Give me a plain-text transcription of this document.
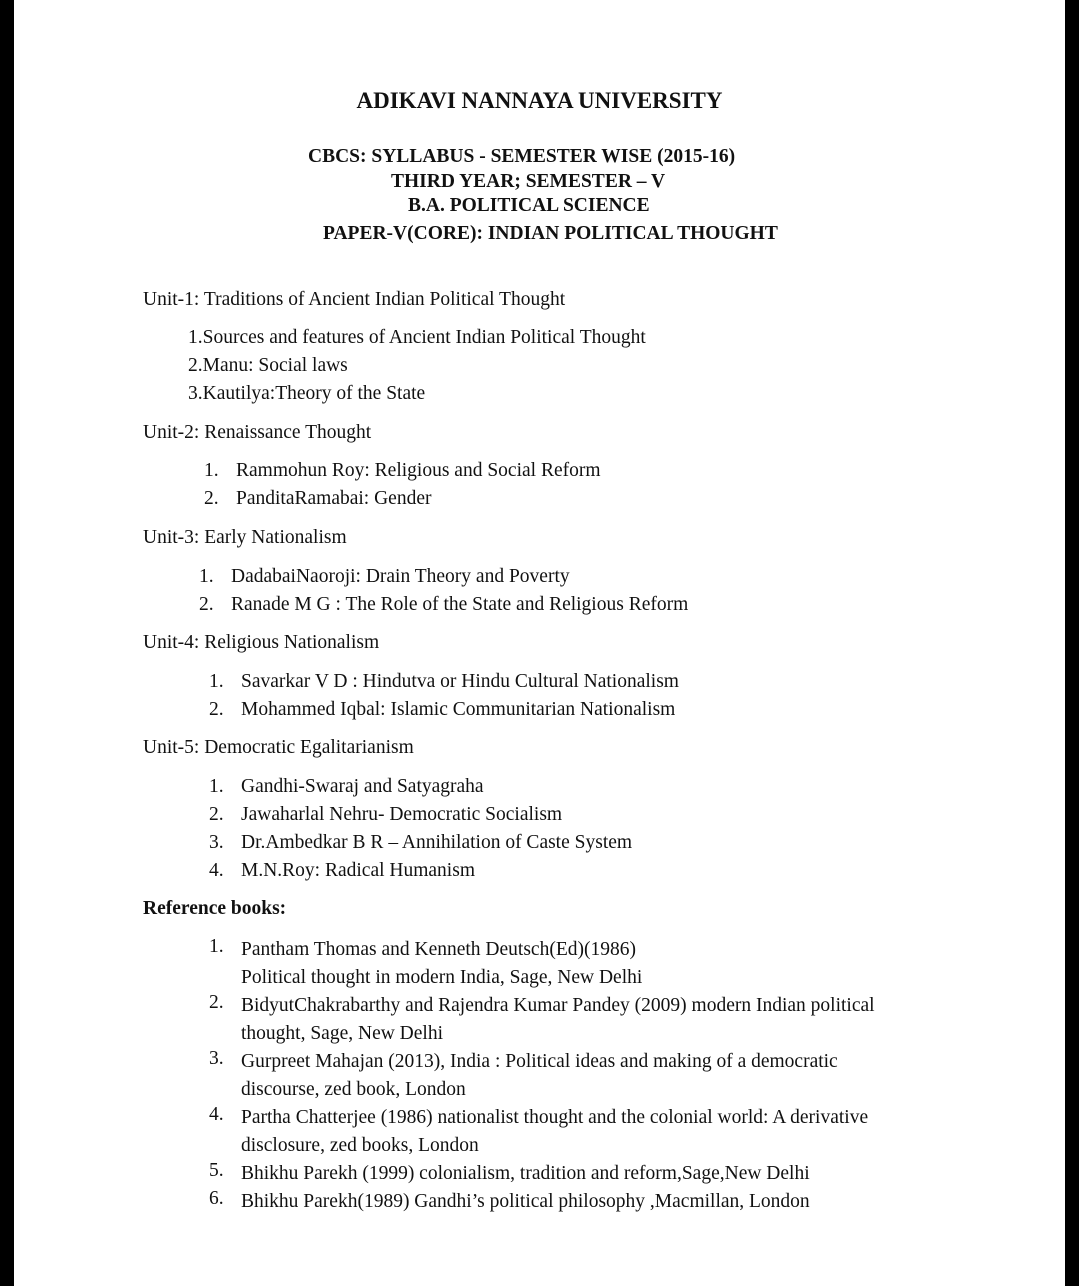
ADIKAVI NANNAYA UNIVERSITY
CBCS: SYLLABUS - SEMESTER WISE (2015-16)
THIRD YEAR; SEMESTER – V
B.A. POLITICAL SCIENCE
PAPER-V(CORE): INDIAN POLITICAL THOUGHT
Unit-1: Traditions of Ancient Indian Political Thought
1.Sources and features of Ancient Indian Political Thought
2.Manu: Social laws
3.Kautilya:Theory of the State
Unit-2: Renaissance Thought
1. Rammohun Roy: Religious and Social Reform
2. PanditaRamabai: Gender
Unit-3: Early Nationalism
1. DadabaiNaoroji: Drain Theory and Poverty
2. Ranade M G : The Role of the State and Religious Reform
Unit-4: Religious Nationalism
1. Savarkar V D : Hindutva or Hindu Cultural Nationalism
2. Mohammed Iqbal: Islamic Communitarian Nationalism
Unit-5: Democratic Egalitarianism
1. Gandhi-Swaraj and Satyagraha
2. Jawaharlal Nehru- Democratic Socialism
3. Dr.Ambedkar B R – Annihilation of Caste System
4. M.N.Roy: Radical Humanism
Reference books:
1. Pantham Thomas and Kenneth Deutsch(Ed)(1986)
Political thought in modern India, Sage, New Delhi
2. BidyutChakrabarthy and Rajendra Kumar Pandey (2009) modern Indian political
thought, Sage, New Delhi
3. Gurpreet Mahajan (2013), India : Political ideas and making of a democratic
discourse, zed book, London
4. Partha Chatterjee (1986) nationalist thought and the colonial world: A derivative
disclosure, zed books, London
5. Bhikhu Parekh (1999) colonialism, tradition and reform,Sage,New Delhi
6. Bhikhu Parekh(1989) Gandhi’s political philosophy ,Macmillan, London
